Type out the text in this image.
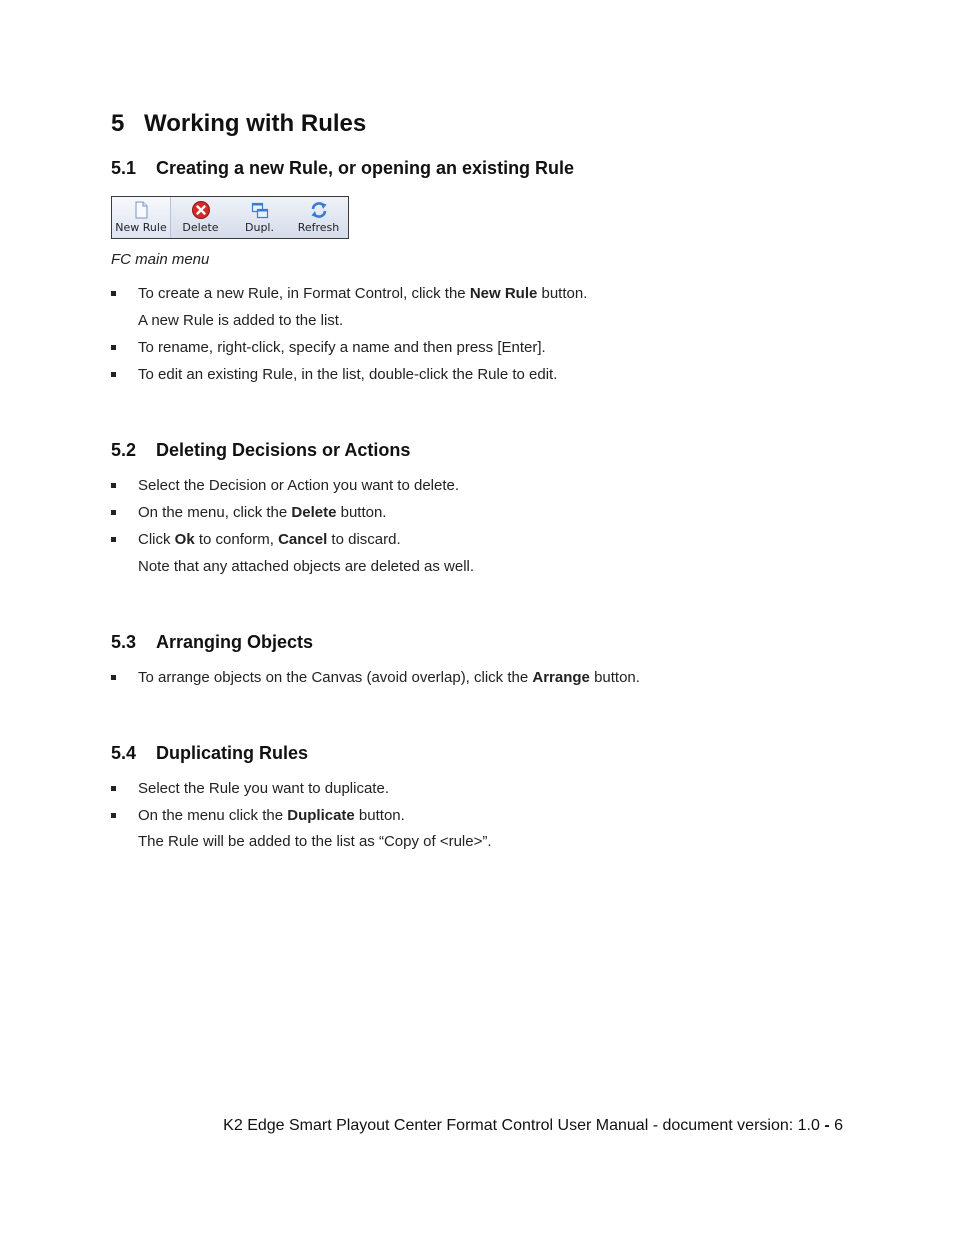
5 Working with Rules
5.1 Creating a new Rule, or opening an existing Rule
New Rule Delete Dupl. Refresh
FC main menu
To create a new Rule, in Format Control, click the New Rule button.
A new Rule is added to the list.
To rename, right-click, specify a name and then press [Enter].
To edit an existing Rule, in the list, double-click the Rule to edit.
5.2 Deleting Decisions or Actions
Select the Decision or Action you want to delete.
On the menu, click the Delete button.
Click Ok to conform, Cancel to discard.
Note that any attached objects are deleted as well.
5.3 Arranging Objects
To arrange objects on the Canvas (avoid overlap), click the Arrange button.
5.4 Duplicating Rules
Select the Rule you want to duplicate.
On the menu click the Duplicate button.
The Rule will be added to the list as “Copy of <rule>”.
K2 Edge Smart Playout Center Format Control User Manual - document version: 1.0 - 6
